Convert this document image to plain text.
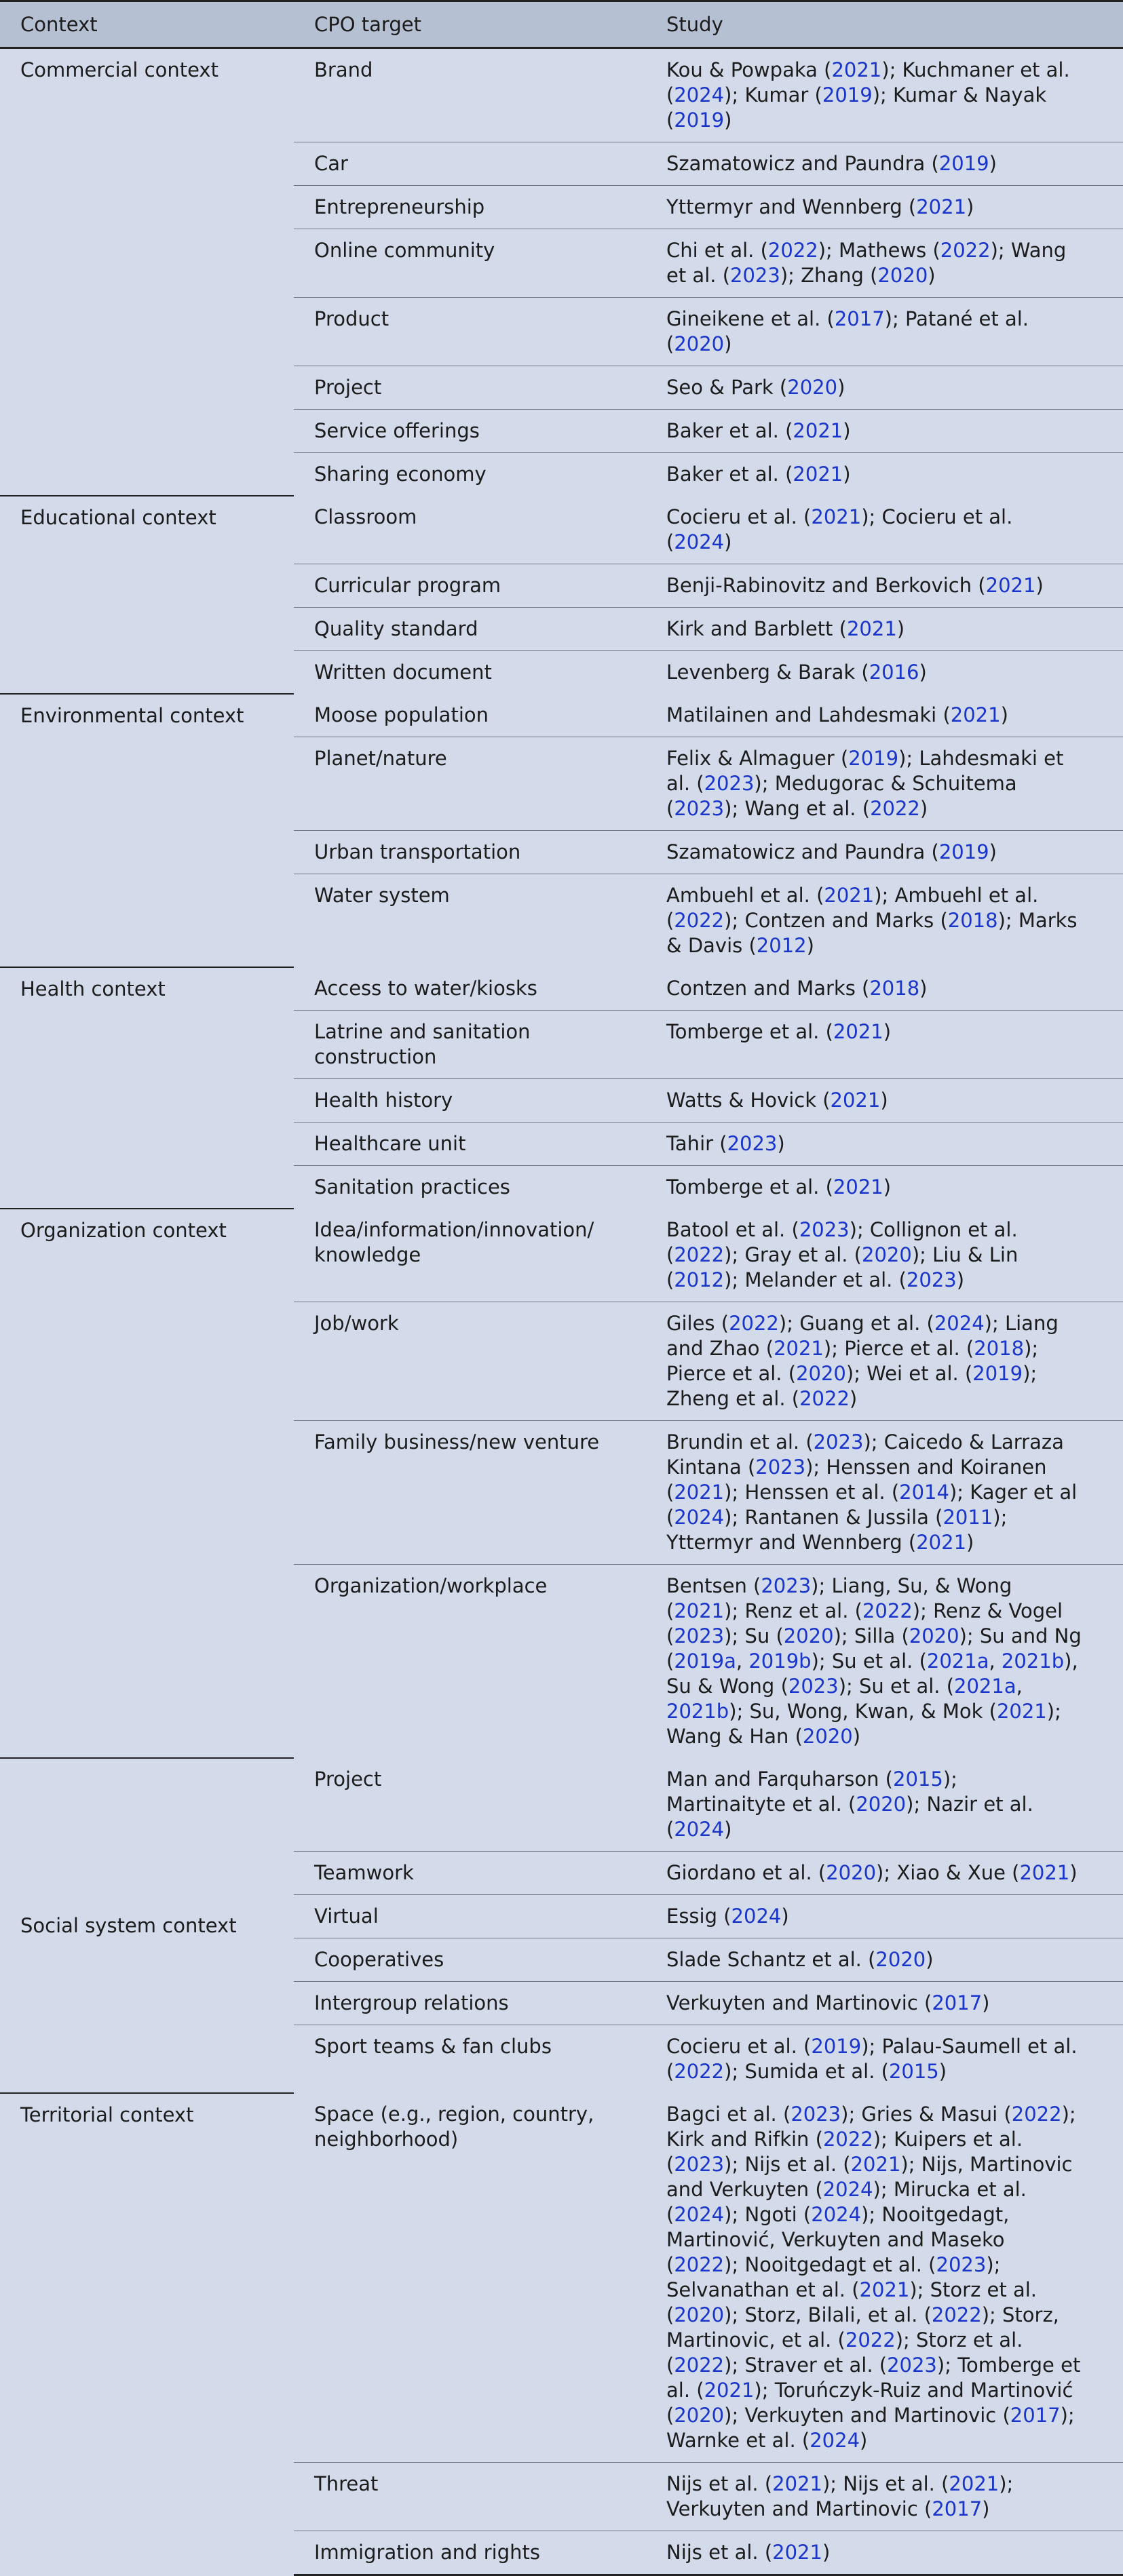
Context	CPO target	Study
Commercial context	Brand	Kou & Powpaka (2021); Kuchmaner et al. (2024); Kumar (2019); Kumar & Nayak (2019)
	Car	Szamatowicz and Paundra (2019)
	Entrepreneurship	Yttermyr and Wennberg (2021)
	Online community	Chi et al. (2022); Mathews (2022); Wang et al. (2023); Zhang (2020)
	Product	Gineikene et al. (2017); Patané et al. (2020)
	Project	Seo & Park (2020)
	Service offerings	Baker et al. (2021)
	Sharing economy	Baker et al. (2021)
Educational context	Classroom	Cocieru et al. (2021); Cocieru et al. (2024)
	Curricular program	Benji-Rabinovitz and Berkovich (2021)
	Quality standard	Kirk and Barblett (2021)
	Written document	Levenberg & Barak (2016)
Environmental context	Moose population	Matilainen and Lahdesmaki (2021)
	Planet/nature	Felix & Almaguer (2019); Lahdesmaki et al. (2023); Medugorac & Schuitema (2023); Wang et al. (2022)
	Urban transportation	Szamatowicz and Paundra (2019)
	Water system	Ambuehl et al. (2021); Ambuehl et al. (2022); Contzen and Marks (2018); Marks & Davis (2012)
Health context	Access to water/kiosks	Contzen and Marks (2018)
	Latrine and sanitation construction	Tomberge et al. (2021)
	Health history	Watts & Hovick (2021)
	Healthcare unit	Tahir (2023)
	Sanitation practices	Tomberge et al. (2021)
Organization context	Idea/information/innovation/ knowledge	Batool et al. (2023); Collignon et al. (2022); Gray et al. (2020); Liu & Lin (2012); Melander et al. (2023)
	Job/work	Giles (2022); Guang et al. (2024); Liang and Zhao (2021); Pierce et al. (2018); Pierce et al. (2020); Wei et al. (2019); Zheng et al. (2022)
	Family business/new venture	Brundin et al. (2023); Caicedo & Larraza Kintana (2023); Henssen and Koiranen (2021); Henssen et al. (2014); Kager et al (2024); Rantanen & Jussila (2011); Yttermyr and Wennberg (2021)
	Organization/workplace	Bentsen (2023); Liang, Su, & Wong (2021); Renz et al. (2022); Renz & Vogel (2023); Su (2020); Silla (2020); Su and Ng (2019a, 2019b); Su et al. (2021a, 2021b), Su & Wong (2023); Su et al. (2021a, 2021b); Su, Wong, Kwan, & Mok (2021); Wang & Han (2020)
Social system context	Project	Man and Farquharson (2015); Martinaityte et al. (2020); Nazir et al. (2024)
	Teamwork	Giordano et al. (2020); Xiao & Xue (2021)
	Virtual	Essig (2024)
	Cooperatives	Slade Schantz et al. (2020)
	Intergroup relations	Verkuyten and Martinovic (2017)
	Sport teams & fan clubs	Cocieru et al. (2019); Palau-Saumell et al. (2022); Sumida et al. (2015)
Territorial context	Space (e.g., region, country, neighborhood)	Bagci et al. (2023); Gries & Masui (2022); Kirk and Rifkin (2022); Kuipers et al. (2023); Nijs et al. (2021); Nijs, Martinovic and Verkuyten (2024); Mirucka et al. (2024); Ngoti (2024); Nooitgedagt, Martinović, Verkuyten and Maseko (2022); Nooitgedagt et al. (2023); Selvanathan et al. (2021); Storz et al. (2020); Storz, Bilali, et al. (2022); Storz, Martinovic, et al. (2022); Storz et al. (2022); Straver et al. (2023); Tomberge et al. (2021); Toruńczyk-Ruiz and Martinović (2020); Verkuyten and Martinovic (2017); Warnke et al. (2024)
	Threat	Nijs et al. (2021); Nijs et al. (2021); Verkuyten and Martinovic (2017)
	Immigration and rights	Nijs et al. (2021)
